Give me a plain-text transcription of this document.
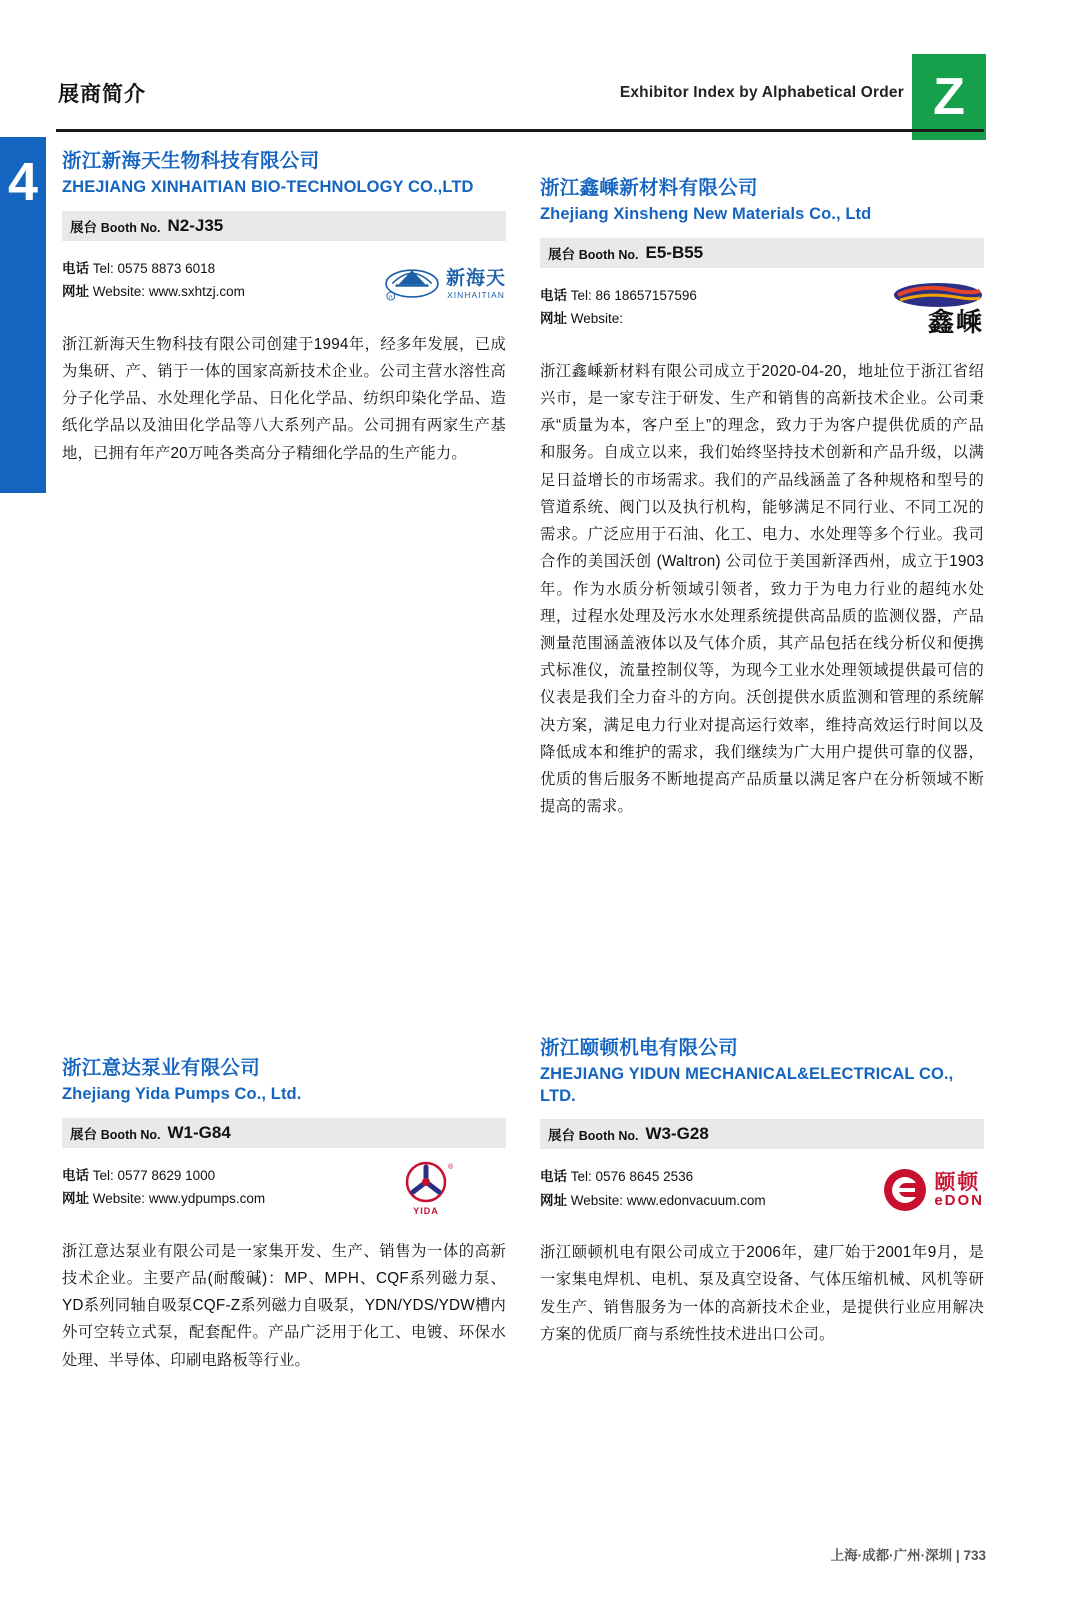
展商简介	Exhibitor Index by Alphabetical Order Z
4	浙江新海天生物科技有限公司
ZHEJIANG XINHAITIAN BIO-TECHNOLOGY CO.,LTD
展台 Booth No. N2-J35
电话 Tel: 0575 8873 6018
网址 Website: www.sxhtzj.com	R
新海天
XINHAITIAN
浙江新海天生物科技有限公司创建于1994年，经多年发展，已成为集研、产、销于一体的国家高新技术企业。公司主营水溶性高分子化学品、水处理化学品、日化化学品、纺织印染化学品、造纸化学品以及油田化学品等八大系列产品。公司拥有两家生产基地，已拥有年产20万吨各类高分子精细化学品的生产能力。
浙江鑫嵊新材料有限公司
Zhejiang Xinsheng New Materials Co., Ltd
展台 Booth No. E5-B55
电话 Tel: 86 18657157596
网址 Website:	鑫嵊
浙江鑫嵊新材料有限公司成立于2020-04-20，地址位于浙江省绍兴市，是一家专注于研发、生产和销售的高新技术企业。公司秉承“质量为本，客户至上”的理念，致力于为客户提供优质的产品和服务。自成立以来，我们始终坚持技术创新和产品升级，以满足日益增长的市场需求。我们的产品线涵盖了各种规格和型号的管道系统、阀门以及执行机构，能够满足不同行业、不同工况的需求。广泛应用于石油、化工、电力、水处理等多个行业。我司合作的美国沃创 (Waltron) 公司位于美国新泽西州，成立于1903年。作为水质分析领域引领者，致力于为电力行业的超纯水处理，过程水处理及污水水处理系统提供高品质的监测仪器，产品测量范围涵盖液体以及气体介质，其产品包括在线分析仪和便携式标准仪，流量控制仪等，为现今工业水处理领域提供最可信的仪表是我们全力奋斗的方向。沃创提供水质监测和管理的系统解决方案，满足电力行业对提高运行效率，维持高效运行时间以及降低成本和维护的需求，我们继续为广大用户提供可靠的仪器，优质的售后服务不断地提高产品质量以满足客户在分析领域不断提高的需求。
浙江意达泵业有限公司
Zhejiang Yida Pumps Co., Ltd.
展台 Booth No. W1-G84
电话 Tel: 0577 8629 1000
网址 Website: www.ydpumps.com
®
YIDA
浙江意达泵业有限公司是一家集开发、生产、销售为一体的高新技术企业。主要产品(耐酸碱)：MP、MPH、CQF系列磁力泵、YD系列同轴自吸泵CQF-Z系列磁力自吸泵，YDN/YDS/YDW槽内外可空转立式泵，配套配件。产品广泛用于化工、电镀、环保水处理、半导体、印刷电路板等行业。
浙江颐顿机电有限公司
ZHEJIANG YIDUN MECHANICAL&ELECTRICAL CO., LTD.
展台 Booth No. W3-G28
电话 Tel: 0576 8645 2536
网址 Website: www.edonvacuum.com
颐顿
eDON
浙江颐顿机电有限公司成立于2006年，建厂始于2001年9月，是一家集电焊机、电机、泵及真空设备、气体压缩机械、风机等研发生产、销售服务为一体的高新技术企业，是提供行业应用解决方案的优质厂商与系统性技术进出口公司。
上海·成都·广州·深圳 | 733
